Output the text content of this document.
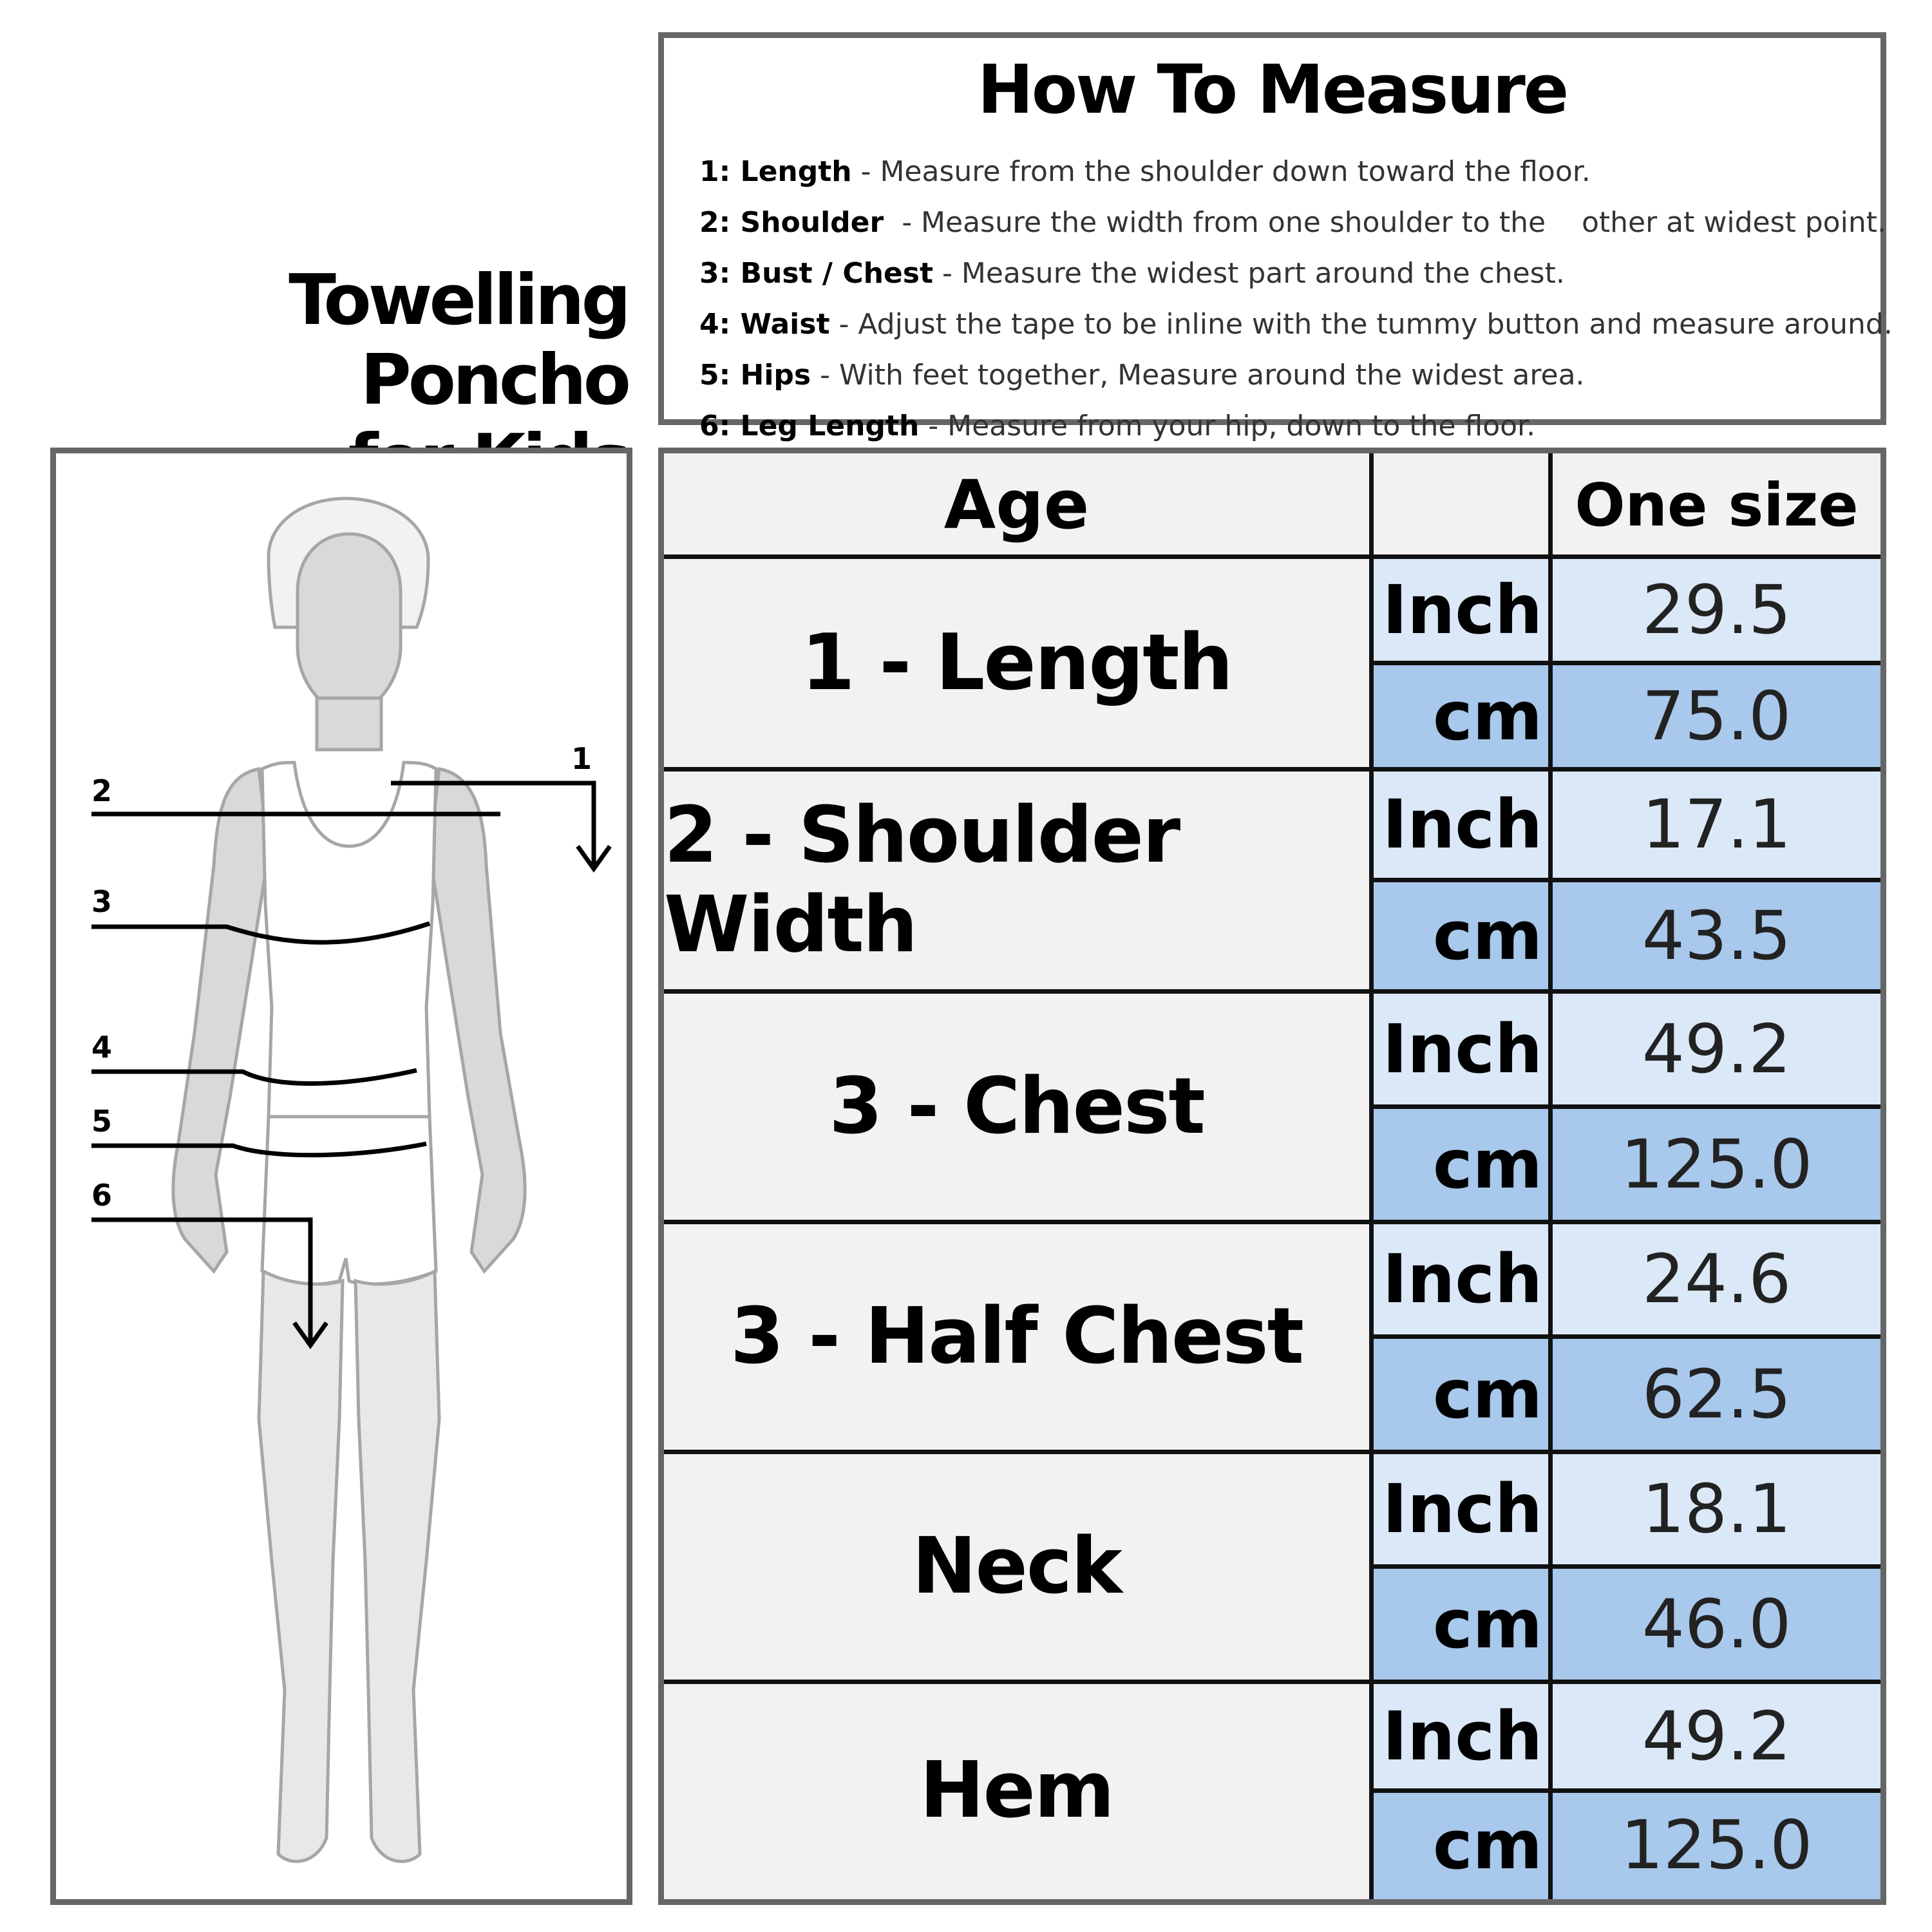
Towelling Poncho
How To Measure
1: Length - Measure from the shoulder down toward the floor.
2: Shoulder  - Measure the width from one shoulder to the    other at widest point.
3: Bust / Chest - Measure the widest part around the chest.
4: Waist - Adjust the tape to be inline with the tummy button and measure around.
5: Hips - With feet together, Measure around the widest area.
6: Leg Length - Measure from your hip, down to the floor.
1
2
3
4
5
6
Age	One size
1 - Length
Inch	29.5
cm	75.0
2 - Shoulder Width
Inch	17.1
cm	43.5
3 - Chest
Inch	49.2
cm	125.0
3 - Half Chest
Inch	24.6
cm	62.5
Neck
Inch	18.1
cm	46.0
Hem
Inch	49.2
cm	125.0
